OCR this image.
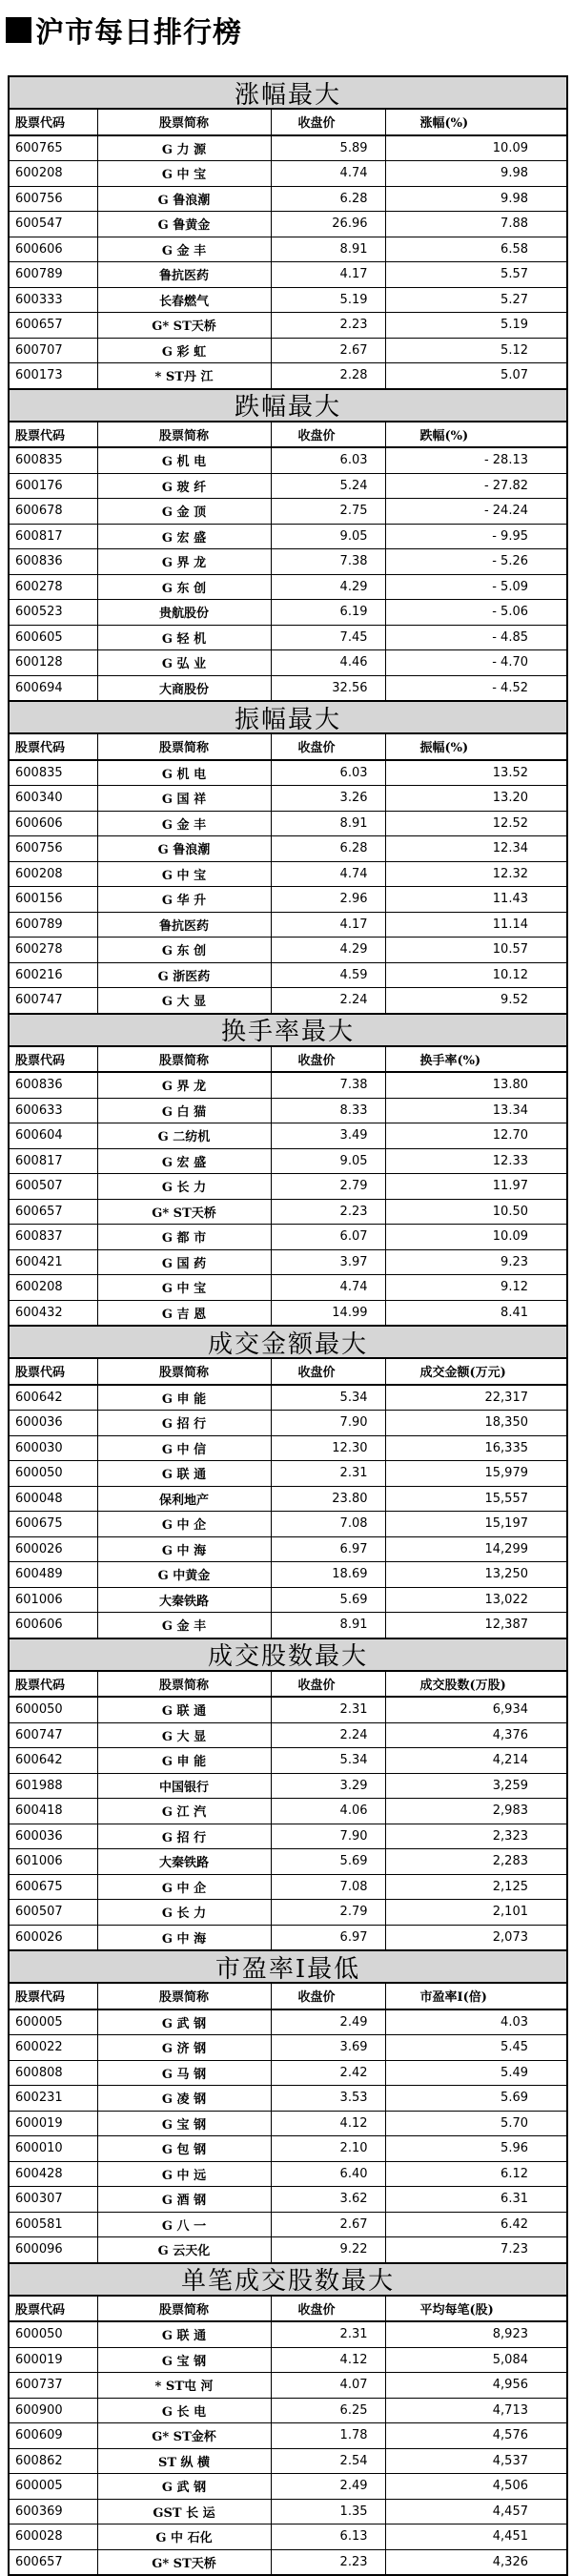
沪市每日排行榜
涨幅最大
股票代码	股票简称	收盘价	涨幅(%)
600765	G 力 源	5.89	10.09
600208	G 中 宝	4.74	9.98
600756	G 鲁浪潮	6.28	9.98
600547	G 鲁黄金	26.96	7.88
600606	G 金 丰	8.91	6.58
600789	鲁抗医药	4.17	5.57
600333	长春燃气	5.19	5.27
600657	G* ST天桥	2.23	5.19
600707	G 彩 虹	2.67	5.12
600173	* ST丹 江	2.28	5.07
跌幅最大
股票代码	股票简称	收盘价	跌幅(%)
600835	G 机 电	6.03	- 28.13
600176	G 玻 纤	5.24	- 27.82
600678	G 金 顶	2.75	- 24.24
600817	G 宏 盛	9.05	- 9.95
600836	G 界 龙	7.38	- 5.26
600278	G 东 创	4.29	- 5.09
600523	贵航股份	6.19	- 5.06
600605	G 轻 机	7.45	- 4.85
600128	G 弘 业	4.46	- 4.70
600694	大商股份	32.56	- 4.52
振幅最大
股票代码	股票简称	收盘价	振幅(%)
600835	G 机 电	6.03	13.52
600340	G 国 祥	3.26	13.20
600606	G 金 丰	8.91	12.52
600756	G 鲁浪潮	6.28	12.34
600208	G 中 宝	4.74	12.32
600156	G 华 升	2.96	11.43
600789	鲁抗医药	4.17	11.14
600278	G 东 创	4.29	10.57
600216	G 浙医药	4.59	10.12
600747	G 大 显	2.24	9.52
换手率最大
股票代码	股票简称	收盘价	换手率(%)
600836	G 界 龙	7.38	13.80
600633	G 白 猫	8.33	13.34
600604	G 二纺机	3.49	12.70
600817	G 宏 盛	9.05	12.33
600507	G 长 力	2.79	11.97
600657	G* ST天桥	2.23	10.50
600837	G 都 市	6.07	10.09
600421	G 国 药	3.97	9.23
600208	G 中 宝	4.74	9.12
600432	G 吉 恩	14.99	8.41
成交金额最大
股票代码	股票简称	收盘价	成交金额(万元)
600642	G 申 能	5.34	22,317
600036	G 招 行	7.90	18,350
600030	G 中 信	12.30	16,335
600050	G 联 通	2.31	15,979
600048	保利地产	23.80	15,557
600675	G 中 企	7.08	15,197
600026	G 中 海	6.97	14,299
600489	G 中黄金	18.69	13,250
601006	大秦铁路	5.69	13,022
600606	G 金 丰	8.91	12,387
成交股数最大
股票代码	股票简称	收盘价	成交股数(万股)
600050	G 联 通	2.31	6,934
600747	G 大 显	2.24	4,376
600642	G 申 能	5.34	4,214
601988	中国银行	3.29	3,259
600418	G 江 汽	4.06	2,983
600036	G 招 行	7.90	2,323
601006	大秦铁路	5.69	2,283
600675	G 中 企	7.08	2,125
600507	G 长 力	2.79	2,101
600026	G 中 海	6.97	2,073
市盈率Ⅰ最低
股票代码	股票简称	收盘价	市盈率Ⅰ(倍)
600005	G 武 钢	2.49	4.03
600022	G 济 钢	3.69	5.45
600808	G 马 钢	2.42	5.49
600231	G 凌 钢	3.53	5.69
600019	G 宝 钢	4.12	5.70
600010	G 包 钢	2.10	5.96
600428	G 中 远	6.40	6.12
600307	G 酒 钢	3.62	6.31
600581	G 八 一	2.67	6.42
600096	G 云天化	9.22	7.23
单笔成交股数最大
股票代码	股票简称	收盘价	平均每笔(股)
600050	G 联 通	2.31	8,923
600019	G 宝 钢	4.12	5,084
600737	* ST屯 河	4.07	4,956
600900	G 长 电	6.25	4,713
600609	G* ST金杯	1.78	4,576
600862	ST 纵 横	2.54	4,537
600005	G 武 钢	2.49	4,506
600369	GST 长 运	1.35	4,457
600028	G 中 石化	6.13	4,451
600657	G* ST天桥	2.23	4,326
